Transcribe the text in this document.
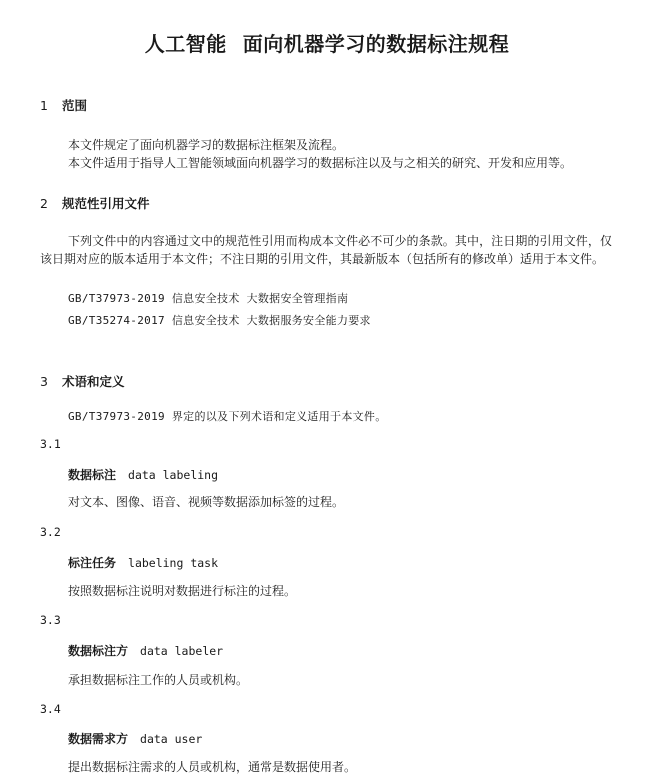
人工智能 面向机器学习的数据标注规程
1 范围
本文件规定了面向机器学习的数据标注框架及流程。
本文件适用于指导人工智能领域面向机器学习的数据标注以及与之相关的研究、开发和应用等。
2 规范性引用文件
下列文件中的内容通过文中的规范性引用而构成本文件必不可少的条款。其中，注日期的引用文件，仅该日期对应的版本适用于本文件；不注日期的引用文件，其最新版本（包括所有的修改单）适用于本文件。
GB/T37973-2019 信息安全技术 大数据安全管理指南
GB/T35274-2017 信息安全技术 大数据服务安全能力要求
3 术语和定义
GB/T37973-2019 界定的以及下列术语和定义适用于本文件。
3.1
数据标注 data labeling
对文本、图像、语音、视频等数据添加标签的过程。
3.2
标注任务 labeling task
按照数据标注说明对数据进行标注的过程。
3.3
数据标注方 data labeler
承担数据标注工作的人员或机构。
3.4
数据需求方 data user
提出数据标注需求的人员或机构，通常是数据使用者。
